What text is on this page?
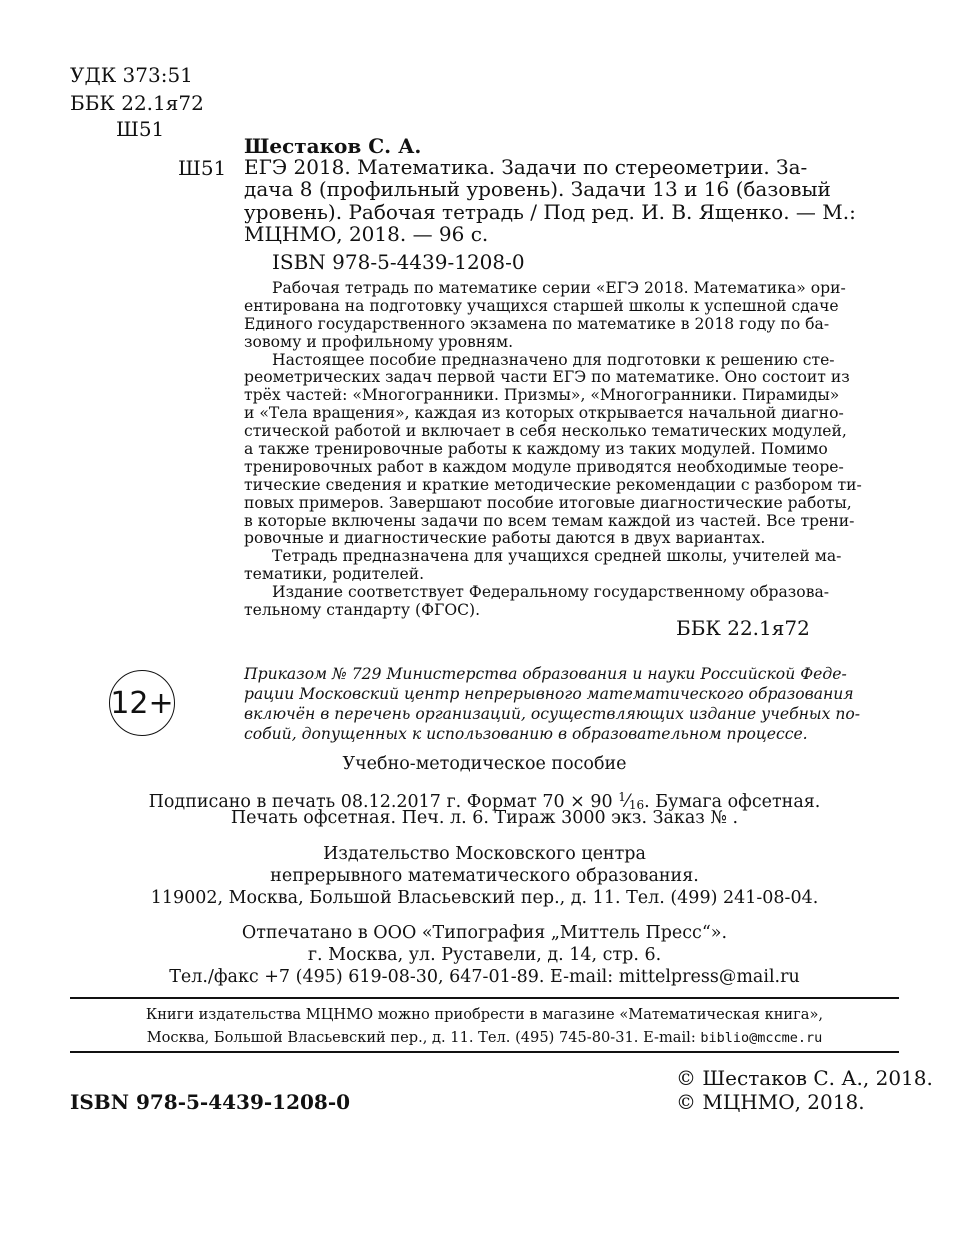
УДК 373:51
ББК 22.1я72
Ш51
Шестаков С. А.
Ш51 ЕГЭ 2018. Математика. Задачи по стереометрии. За-
дача 8 (профильный уровень). Задачи 13 и 16 (базовый
уровень). Рабочая тетрадь / Под ред. И. В. Ященко. — М.:
МЦНМО, 2018. — 96 с.
ISBN 978-5-4439-1208-0
Рабочая тетрадь по математике серии «ЕГЭ 2018. Математика» ори-
ентирована на подготовку учащихся старшей школы к успешной сдаче
Единого государственного экзамена по математике в 2018 году по ба-
зовому и профильному уровням.
Настоящее пособие предназначено для подготовки к решению сте-
реометрических задач первой части ЕГЭ по математике. Оно состоит из
трёх частей: «Многогранники. Призмы», «Многогранники. Пирамиды»
и «Тела вращения», каждая из которых открывается начальной диагно-
стической работой и включает в себя несколько тематических модулей,
а также тренировочные работы к каждому из таких модулей. Помимо
тренировочных работ в каждом модуле приводятся необходимые теоре-
тические сведения и краткие методические рекомендации с разбором ти-
повых примеров. Завершают пособие итоговые диагностические работы,
в которые включены задачи по всем темам каждой из частей. Все трени-
ровочные и диагностические работы даются в двух вариантах.
Тетрадь предназначена для учащихся средней школы, учителей ма-
тематики, родителей.
Издание соответствует Федеральному государственному образова-
тельному стандарту (ФГОС).
ББК 22.1я72
12+
Приказом № 729 Министерства образования и науки Российской Феде-
рации Московский центр непрерывного математического образования
включён в перечень организаций, осуществляющих издание учебных по-
собий, допущенных к использованию в образовательном процессе.
Учебно-методическое пособие
Подписано в печать 08.12.2017 г. Формат 70 × 90 $^1$⁄16. Бумага офсетная.
Печать офсетная. Печ. л. 6. Тираж 3000 экз. Заказ № .
Издательство Московского центра
непрерывного математического образования.
119002, Москва, Большой Власьевский пер., д. 11. Тел. (499) 241-08-04.
Отпечатано в ООО «Типография „Миттель Пресс“».
г. Москва, ул. Руставели, д. 14, стр. 6.
Тел./факс +7 (495) 619-08-30, 647-01-89. E-mail: mittelpress@mail.ru
Книги издательства МЦНМО можно приобрести в магазине «Математическая книга»,
Москва, Большой Власьевский пер., д. 11. Тел. (495) 745-80-31. E-mail: biblio@mccme.ru
ISBN 978-5-4439-1208-0
© Шестаков С. А., 2018.
© МЦНМО, 2018.
